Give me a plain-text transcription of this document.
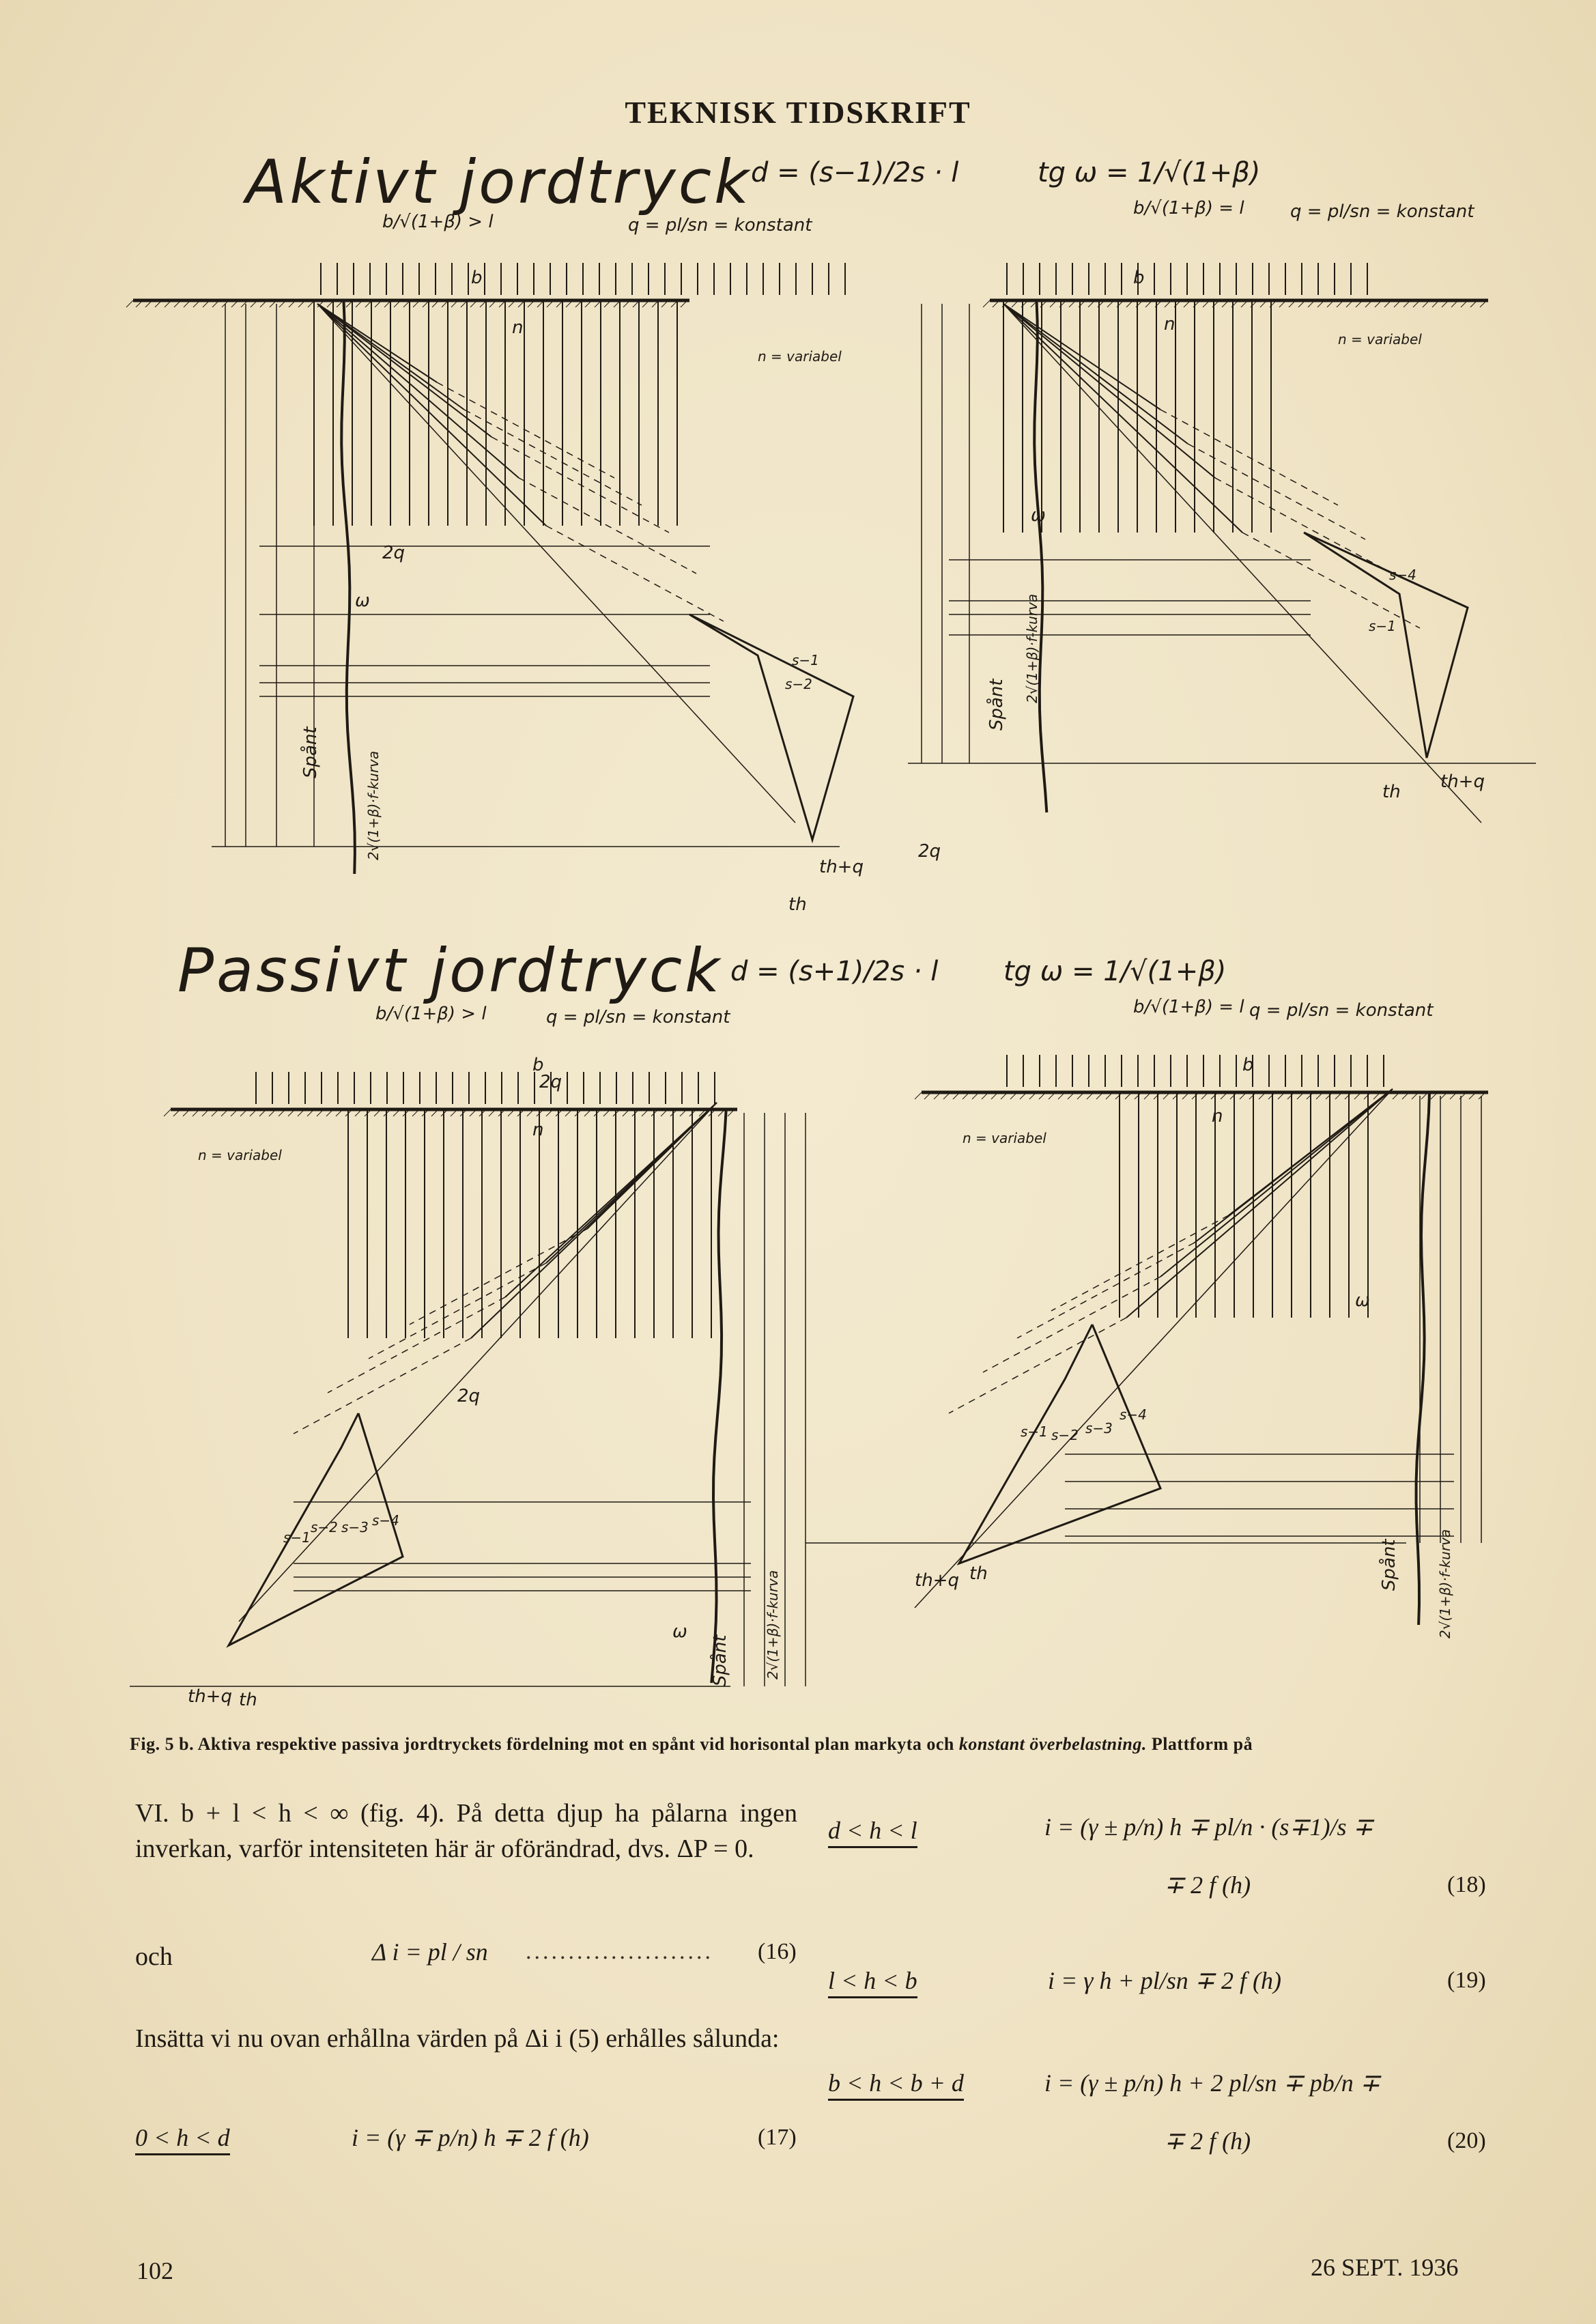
TEKNISK TIDSKRIFT
Aktivt jordtryck
Passivt jordtryck
d = (s−1)/2s · l	tg ω = 1/√(1+β)
b/√(1+β) > l	q = pl/sn = konstant
b/√(1+β) = l	q = pl/sn = konstant
d = (s+1)/2s · l tg ω = 1/√(1+β)
b/√(1+β) > l	q = pl/sn = konstant	b/√(1+β) = l q = pl/sn = konstant
n = variabel
n = variabel
n = variabel
n = variabel
n	n
n
n
b	b
b	b
2q
2q
2q
2q
ω
ω
ω
ω
Spånt
Spånt
Spånt
Spånt
2√(1+β)·f-kurva
2√(1+β)·f-kurva
2√(1+β)·f-kurva	2√(1+β)·f-kurva
th
th
th
th
th+q
th+q
th+q
th+q
s−1
s−2
s−4
s−1
s−1
s−2 s−3 s−4
s−1 s−2 s−3
s−4
Fig. 5 b. Aktiva respektive passiva jordtryckets fördelning mot en spånt vid horisontal plan markyta och konstant överbelastning. Plattform på
VI. b + l < h < ∞ (fig. 4). På detta djup ha pålarna ingen inverkan, varför intensiteten här är oförändrad, dvs. ΔP = 0.
och	Δ i = pl / sn ...................... (16)
Insätta vi nu ovan erhållna värden på Δi i (5) erhålles sålunda:
0 < h < d	i = (γ ∓ p/n) h ∓ 2 f (h)	(17)
d < h < l	i = (γ ± p/n) h ∓ pl/n · (s∓1)/s ∓
∓ 2 f (h)	(18)
l < h < b	i = γ h + pl/sn ∓ 2 f (h)	(19)
b < h < b + d	i = (γ ± p/n) h + 2 pl/sn ∓ pb/n ∓
∓ 2 f (h)	(20)
102	26 SEPT. 1936
